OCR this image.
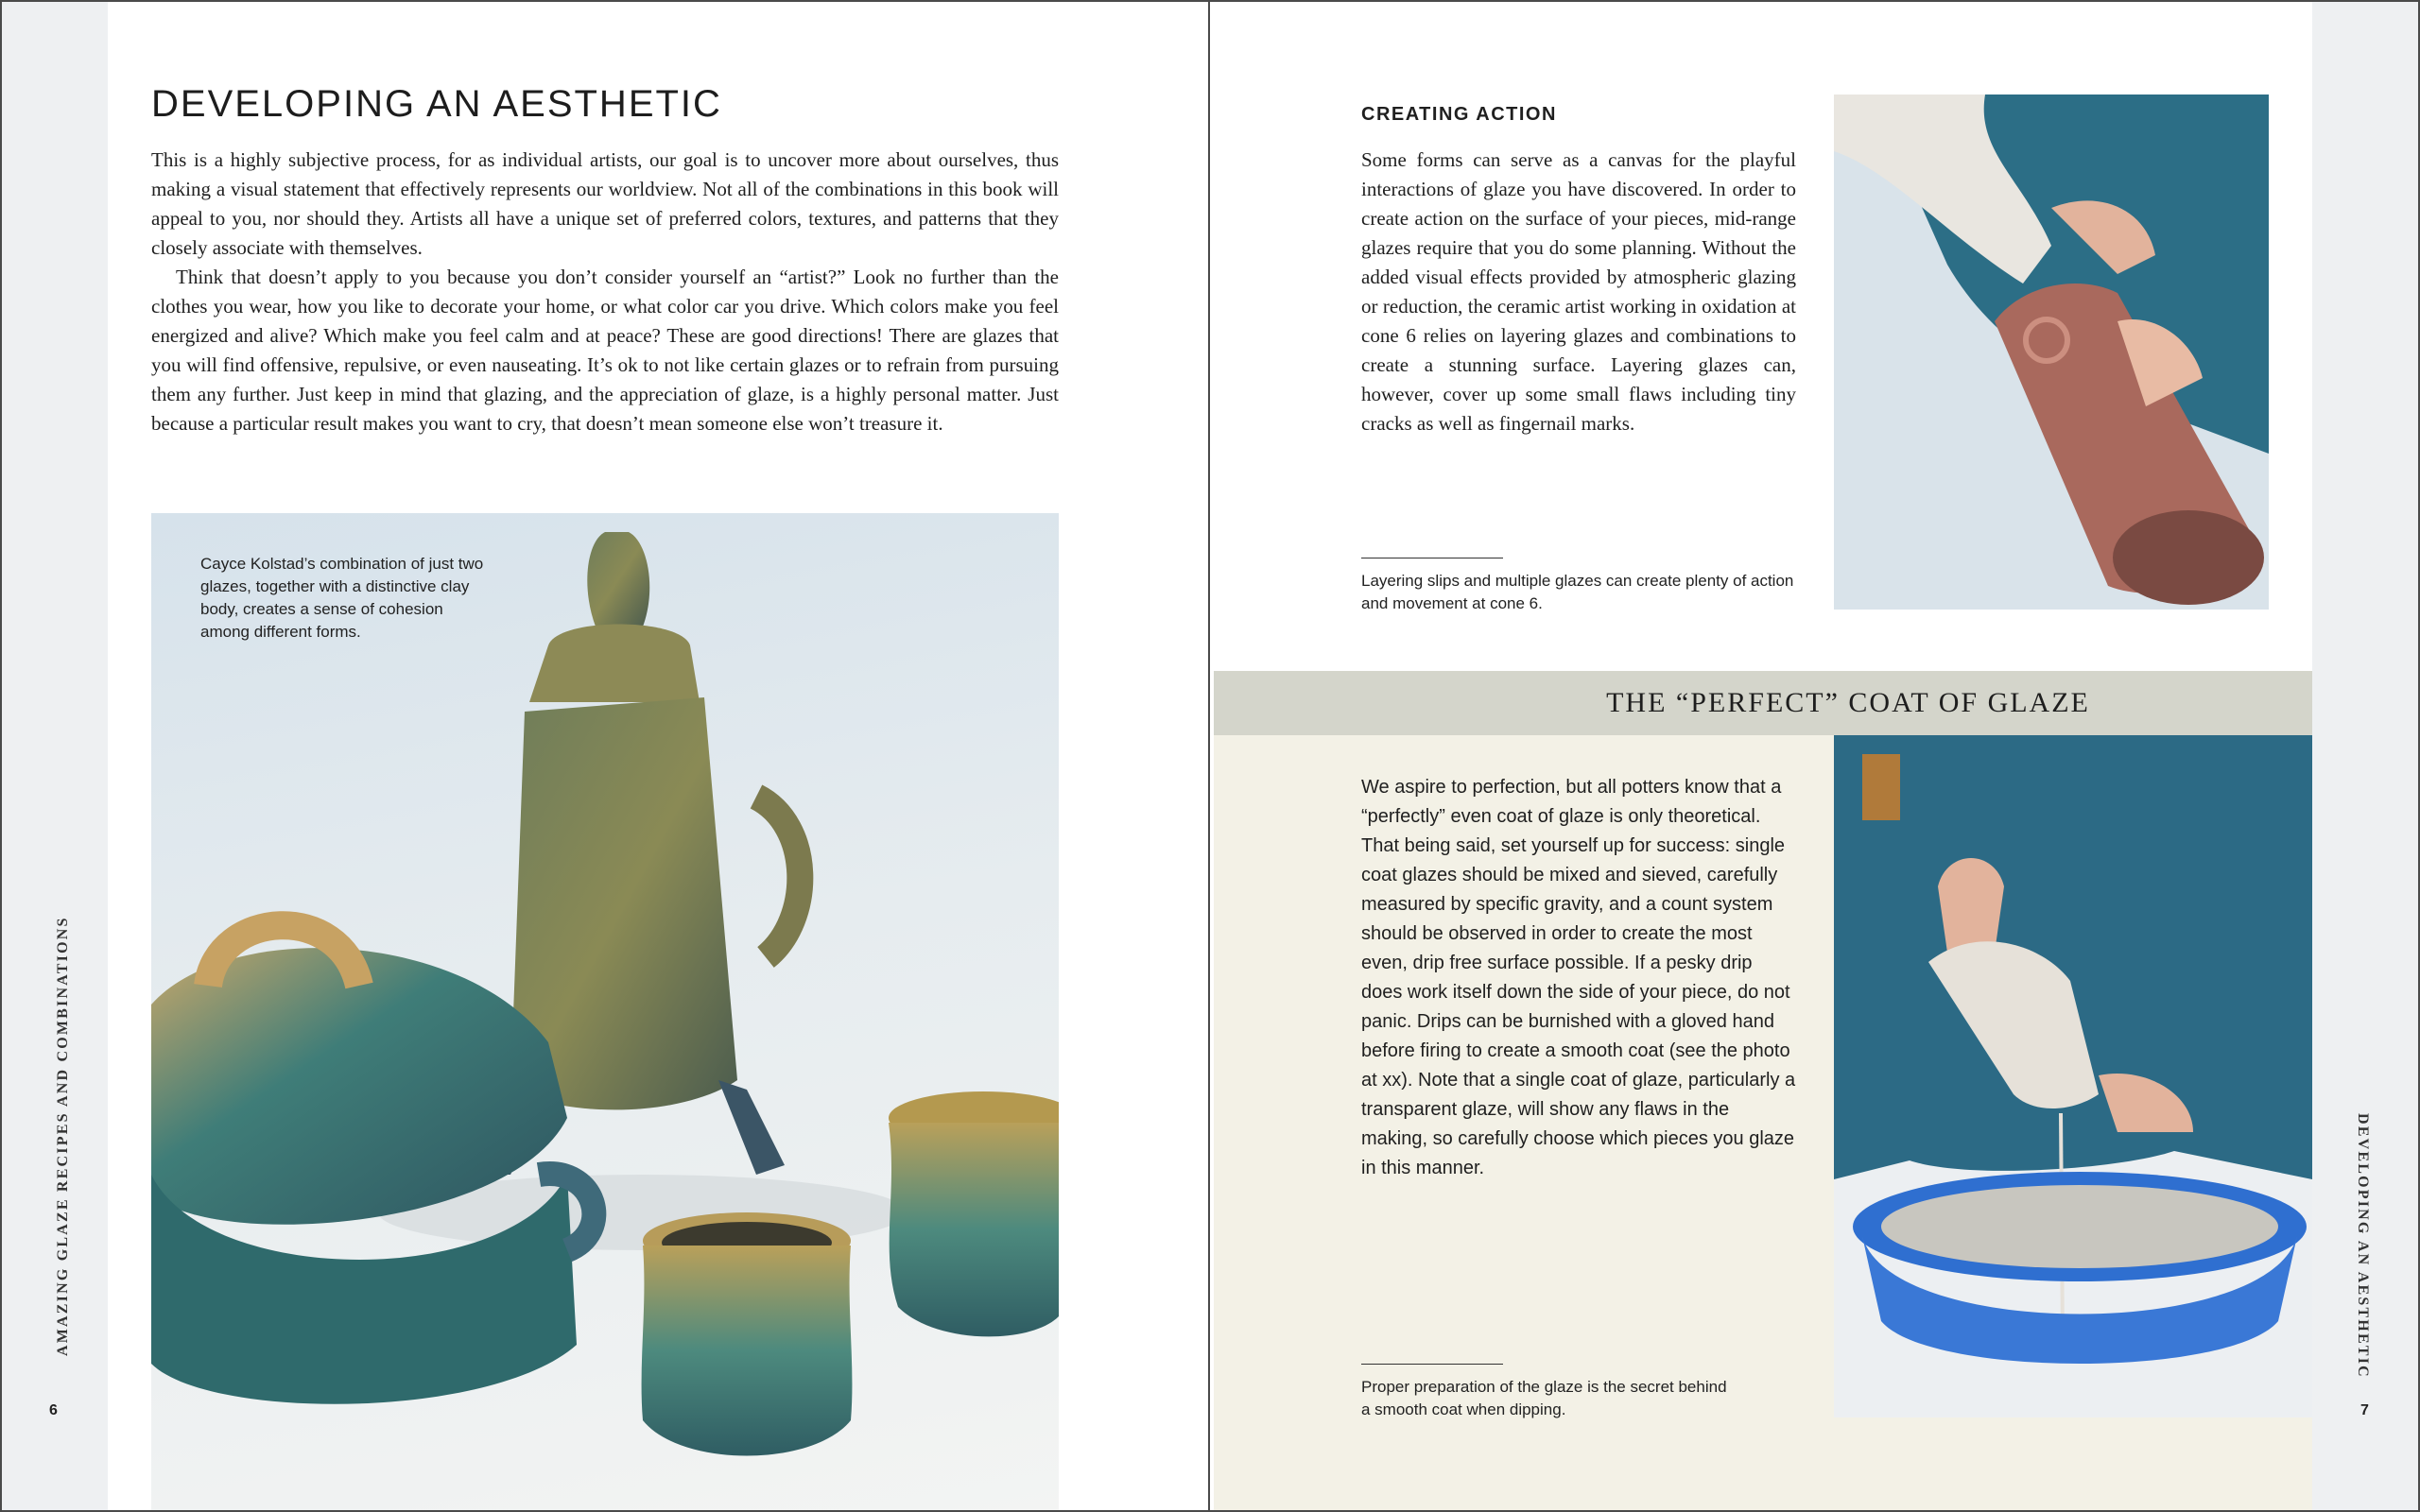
AMAZING GLAZE RECIPES AND COMBINATIONS
6
DEVELOPING AN AESTHETIC

This is a highly subjective process, for as individual artists, our goal is to uncover more about ourselves, thus making a visual statement that effectively represents our worldview. Not all of the combinations in this book will appeal to you, nor should they. Artists all have a unique set of preferred colors, textures, and patterns that they closely associate with themselves.

Think that doesn’t apply to you because you don’t consider yourself an “artist?” Look no further than the clothes you wear, how you like to decorate your home, or what color car you drive. Which colors make you feel energized and alive? Which make you feel calm and at peace? These are good directions! There are glazes that you will find offensive, repulsive, or even nauseating. It’s ok to not like certain glazes or to refrain from pursuing them any further. Just keep in mind that glazing, and the appreciation of glaze, is a highly personal matter. Just because a particular result makes you want to cry, that doesn’t mean someone else won’t treasure it.

Cayce Kolstad’s combination of just two glazes, together with a distinctive clay body, creates a sense of cohesion among different forms.

DEVELOPING AN AESTHETIC
7
CREATING ACTION

Some forms can serve as a canvas for the playful interactions of glaze you have discovered. In order to create action on the surface of your pieces, mid-range glazes require that you do some planning. Without the added visual effects provided by atmospheric glazing or reduction, the ceramic artist working in oxidation at cone 6 relies on layering glazes and combinations to create a stunning surface. Layering glazes can, however, cover up some small flaws including tiny cracks as well as fingernail marks.

Layering slips and multiple glazes can create plenty of action and movement at cone 6.

THE “PERFECT” COAT OF GLAZE

We aspire to perfection, but all potters know that a “perfectly” even coat of glaze is only theoretical. That being said, set yourself up for success: single coat glazes should be mixed and sieved, carefully measured by specific gravity, and a count system should be observed in order to create the most even, drip free surface possible. If a pesky drip does work itself down the side of your piece, do not panic. Drips can be burnished with a gloved hand before firing to create a smooth coat (see the photo at xx). Note that a single coat of glaze, particularly a transparent glaze, will show any flaws in the making, so carefully choose which pieces you glaze in this manner.

Proper preparation of the glaze is the secret behind a smooth coat when dipping.
